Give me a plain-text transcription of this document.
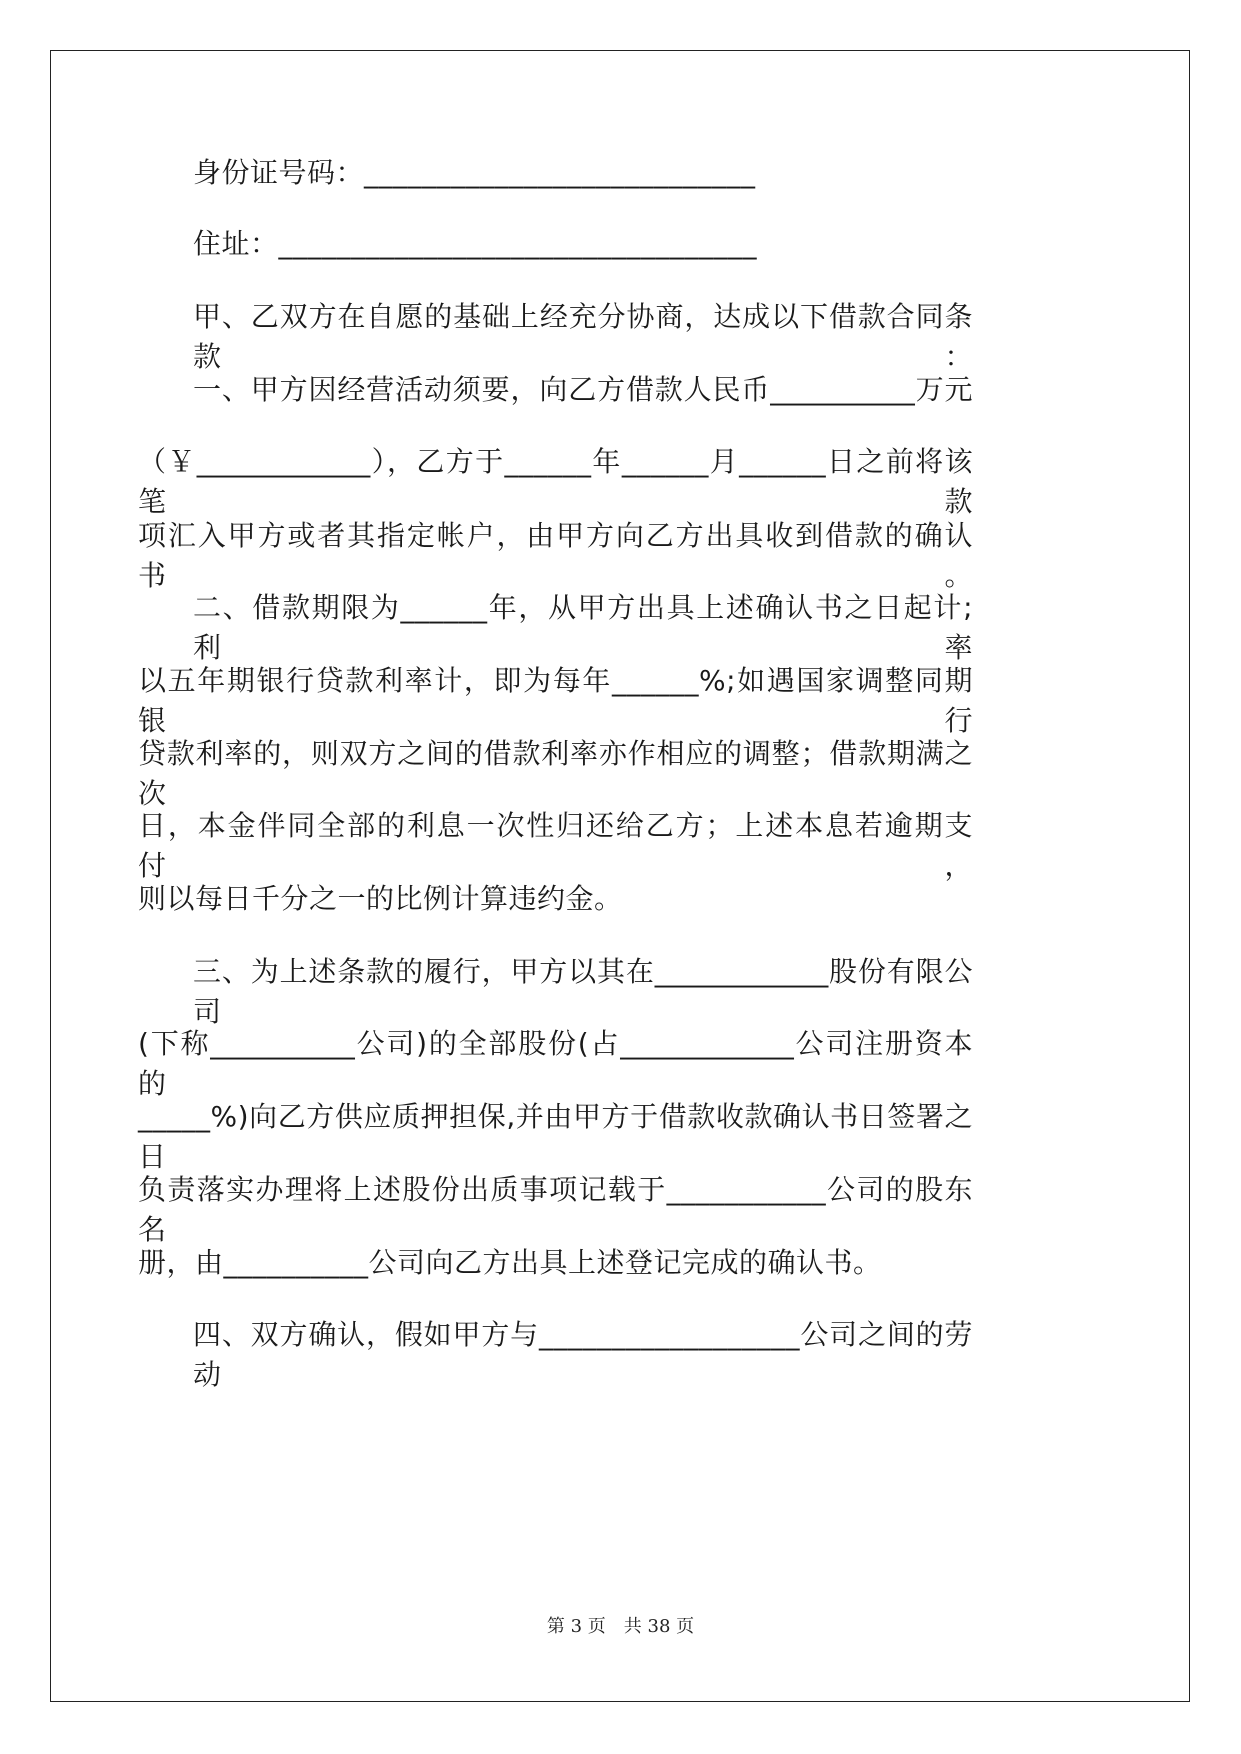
身份证号码：___________________________

住址：_________________________________

甲、乙双方在自愿的基础上经充分协商，达成以下借款合同条款：

一、甲方因经营活动须要，向乙方借款人民币__________万元

（￥____________），乙方于______年______月______日之前将该笔款

项汇入甲方或者其指定帐户，由甲方向乙方出具收到借款的确认书。

二、借款期限为______年，从甲方出具上述确认书之日起计;利率

以五年期银行贷款利率计，即为每年______%;如遇国家调整同期银行

贷款利率的，则双方之间的借款利率亦作相应的调整；借款期满之次

日，本金伴同全部的利息一次性归还给乙方；上述本息若逾期支付，

则以每日千分之一的比例计算违约金。

三、为上述条款的履行，甲方以其在____________股份有限公司

(下称__________公司)的全部股份(占____________公司注册资本的

_____%)向乙方供应质押担保,并由甲方于借款收款确认书日签署之日

负责落实办理将上述股份出质事项记载于___________公司的股东名

册，由__________公司向乙方出具上述登记完成的确认书。

四、双方确认，假如甲方与__________________公司之间的劳动

第 3 页　共 38 页
